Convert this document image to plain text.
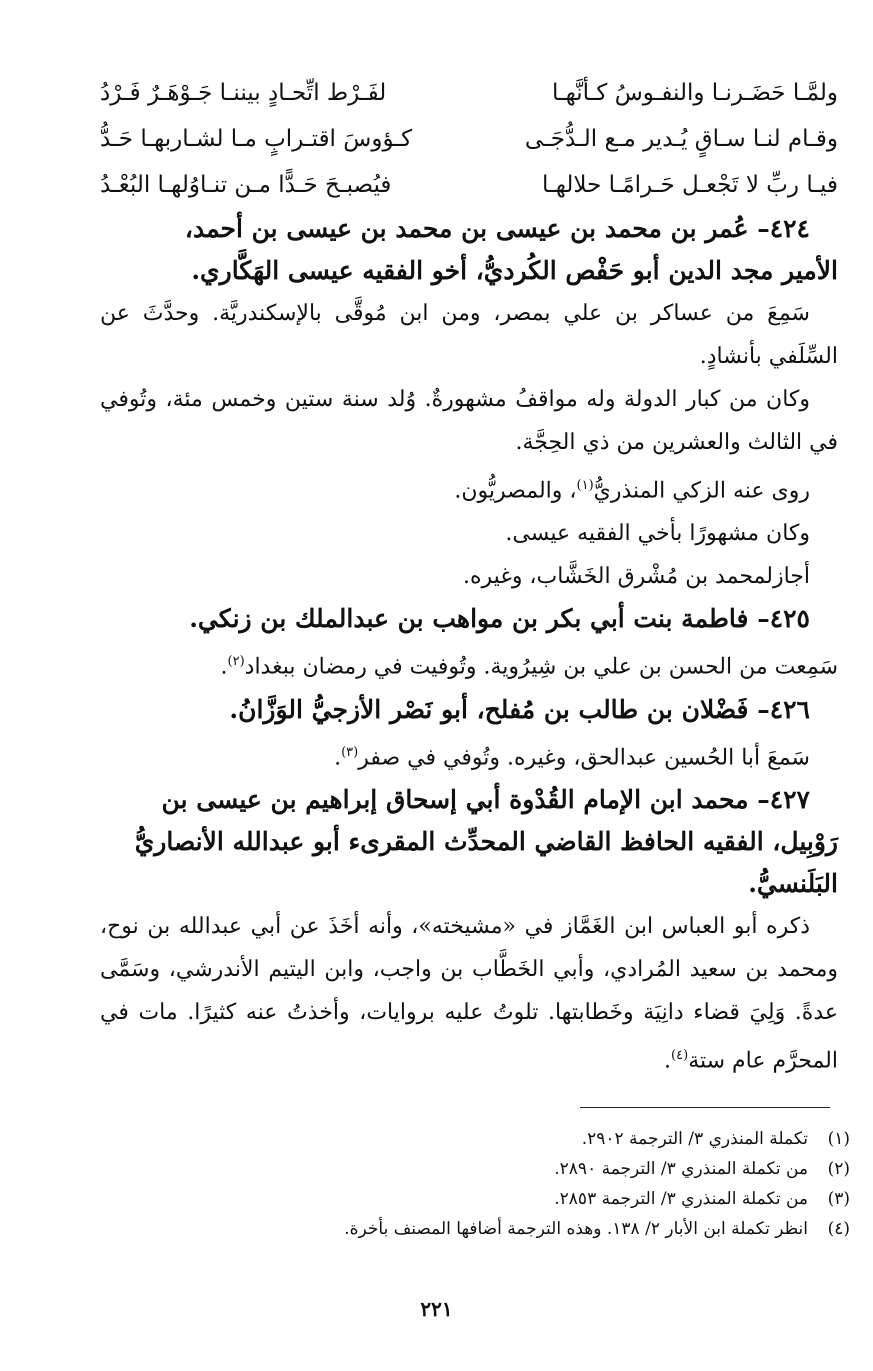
ولمَّـا حَضَـرنـا والنفـوسُ كـأنَّهـا
لفَـرْط اتِّحـادٍ بيننـا جَـوْهَـرٌ فَـرْدُ
وقـام لنـا سـاقٍ يُـدير مـع الـدُّجَـى
كـؤوسَ اقتـرابٍ مـا لشـاربهـا حَـدُّ
فيـا ربِّ لا تَجْعـل حَـرامًـا حلالهـا
فيُصبـحَ حَـدًّا مـن تنـاوُلهـا البُعْـدُ

٤٢٤– عُمر بن محمد بن عيسى بن محمد بن عيسى بن أحمد،
الأمير مجد الدين أبو حَفْص الكُرديُّ، أخو الفقيه عيسى الهَكَّاري.

سَمِعَ من عساكر بن علي بمصر، ومن ابن مُوقَّى بالإسكندريَّة. وحدَّثَ عن السِّلَفي بأنشادٍ.

وكان من كبار الدولة وله مواقفُ مشهورةٌ. وُلد سنة ستين وخمس مئة، وتُوفي في الثالث والعشرين من ذي الحِجَّة.

روى عنه الزكي المنذريُّ$^{(١)}$، والمصريُّون.

وكان مشهورًا بأخي الفقيه عيسى.

أجازلمحمد بن مُشْرق الخَشَّاب، وغيره.

٤٢٥– فاطمة بنت أبي بكر بن مواهب بن عبدالملك بن زنكي.

سَمِعت من الحسن بن علي بن شِيرُوية. وتُوفيت في رمضان ببغداد$^{(٢)}$.

٤٢٦– فَضْلان بن طالب بن مُفلح، أبو نَصْر الأزجيُّ الوَزَّانُ.

سَمعَ أبا الحُسين عبدالحق، وغيره. وتُوفي في صفر$^{(٣)}$.

٤٢٧– محمد ابن الإمام القُدْوة أبي إسحاق إبراهيم بن عيسى بن
رَوْبِيل، الفقيه الحافظ القاضي المحدِّث المقرىء أبو عبدالله الأنصاريُّ
البَلَنسيُّ.

ذكره أبو العباس ابن الغَمَّاز في «مشيخته»، وأنه أخَذَ عن أبي عبدالله بن نوح، ومحمد بن سعيد المُرادي، وأبي الخَطَّاب بن واجب، وابن اليتيم الأندرشي، وسَمَّى عدةً. وَلِيَ قضاء دانِيَة وخَطابتها. تلوتُ عليه بروايات، وأخذتُ عنه كثيرًا. مات في المحرَّم عام ستة$^{(٤)}$.

(١)
تكملة المنذري ٣/ الترجمة ٢٩٠٢.
(٢)
من تكملة المنذري ٣/ الترجمة ٢٨٩٠.
(٣)
من تكملة المنذري ٣/ الترجمة ٢٨٥٣.
(٤)
انظر تكملة ابن الأبار ٢/ ١٣٨. وهذه الترجمة أضافها المصنف بأخرة.
٢٢١
